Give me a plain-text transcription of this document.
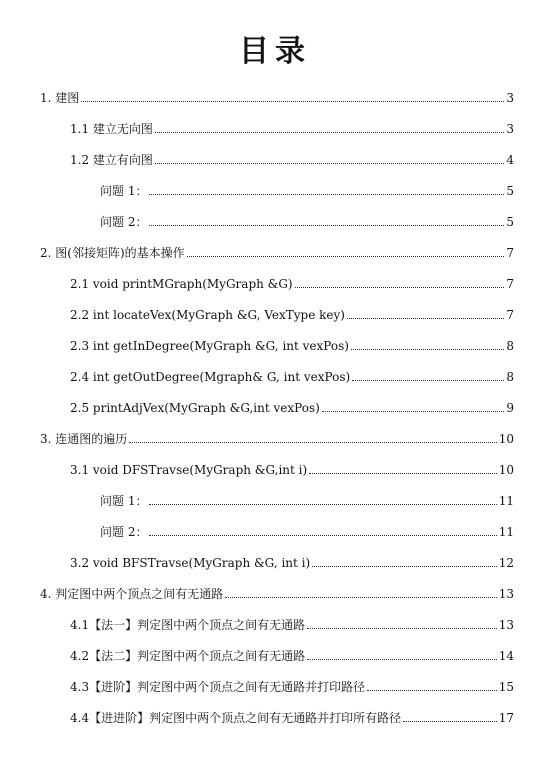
目录
1. 建图	3
1.1 建立无向图	3
1.2 建立有向图	4
问题 1：	5
问题 2：	5
2. 图(邻接矩阵)的基本操作	7
2.1 void printMGraph(MyGraph &G)	7
2.2 int locateVex(MyGraph &G, VexType key)	7
2.3 int getInDegree(MyGraph &G, int vexPos)	8
2.4 int getOutDegree(Mgraph& G, int vexPos)	8
2.5 printAdjVex(MyGraph &G,int vexPos)	9
3. 连通图的遍历	10
3.1 void DFSTravse(MyGraph &G,int i)	10
问题 1：	11
问题 2：	11
3.2 void BFSTravse(MyGraph &G, int i)	12
4. 判定图中两个顶点之间有无通路	13
4.1【法一】判定图中两个顶点之间有无通路	13
4.2【法二】判定图中两个顶点之间有无通路	14
4.3【进阶】判定图中两个顶点之间有无通路并打印路径	15
4.4【进进阶】判定图中两个顶点之间有无通路并打印所有路径	17
